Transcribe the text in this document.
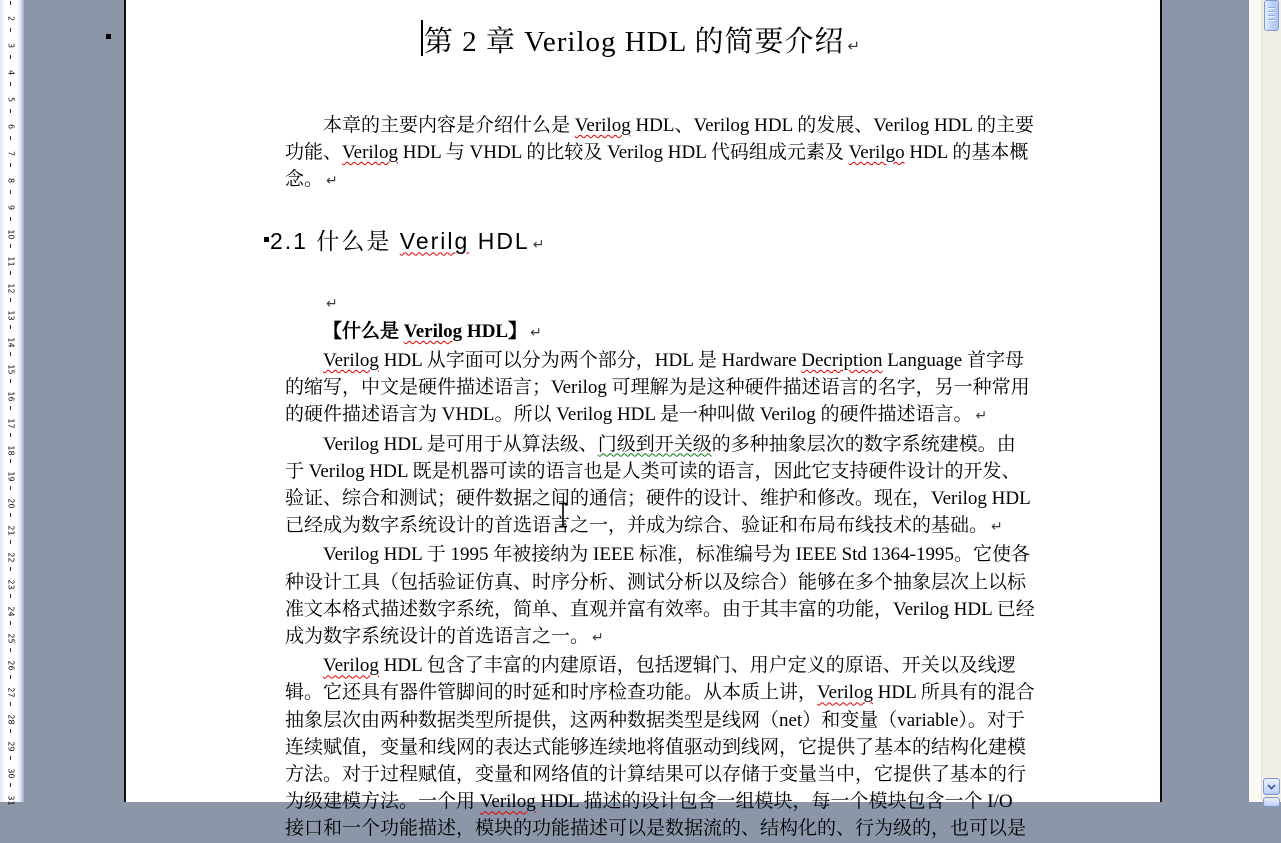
2
3
4
5
6
7
8
9
10
11
12
13
14
15
16
17
18
19
20
21
22
23
24
25
26
27
28
29
30
31
第 2 章 Verilog HDL 的简要介绍 ↵
本章的主要内容是介绍什么是 Verilog HDL、Verilog HDL 的发展、Verilog HDL 的主要
功能、Verilog HDL 与 VHDL 的比较及 Verilog HDL 代码组成元素及 Verilgo HDL 的基本概
念。 ↵
2.1 什么是 Verilg HDL ↵
↵
【什么是 Verilog HDL】 ↵
Verilog HDL 从字面可以分为两个部分，HDL 是 Hardware Decription Language 首字母
的缩写，中文是硬件描述语言；Verilog 可理解为是这种硬件描述语言的名字，另一种常用
的硬件描述语言为 VHDL。所以 Verilog HDL 是一种叫做 Verilog 的硬件描述语言。 ↵
Verilog HDL 是可用于从算法级、门级到开关级的多种抽象层次的数字系统建模。由
于 Verilog HDL 既是机器可读的语言也是人类可读的语言，因此它支持硬件设计的开发、
验证、综合和测试；硬件数据之间的通信；硬件的设计、维护和修改。现在，Verilog HDL
已经成为数字系统设计的首选语言之一，并成为综合、验证和布局布线技术的基础。 ↵
Verilog HDL 于 1995 年被接纳为 IEEE 标准，标准编号为 IEEE Std 1364-1995。它使各
种设计工具（包括验证仿真、时序分析、测试分析以及综合）能够在多个抽象层次上以标
准文本格式描述数字系统，简单、直观并富有效率。由于其丰富的功能，Verilog HDL 已经
成为数字系统设计的首选语言之一。 ↵
Verilog HDL 包含了丰富的内建原语，包括逻辑门、用户定义的原语、开关以及线逻
辑。它还具有器件管脚间的时延和时序检查功能。从本质上讲，Verilog HDL 所具有的混合
抽象层次由两种数据类型所提供，这两种数据类型是线网（net）和变量（variable）。对于
连续赋值，变量和线网的表达式能够连续地将值驱动到线网，它提供了基本的结构化建模
方法。对于过程赋值，变量和网络值的计算结果可以存储于变量当中，它提供了基本的行
为级建模方法。一个用 Verilog HDL 描述的设计包含一组模块，每一个模块包含一个 I/O
接口和一个功能描述，模块的功能描述可以是数据流的、结构化的、行为级的，也可以是
